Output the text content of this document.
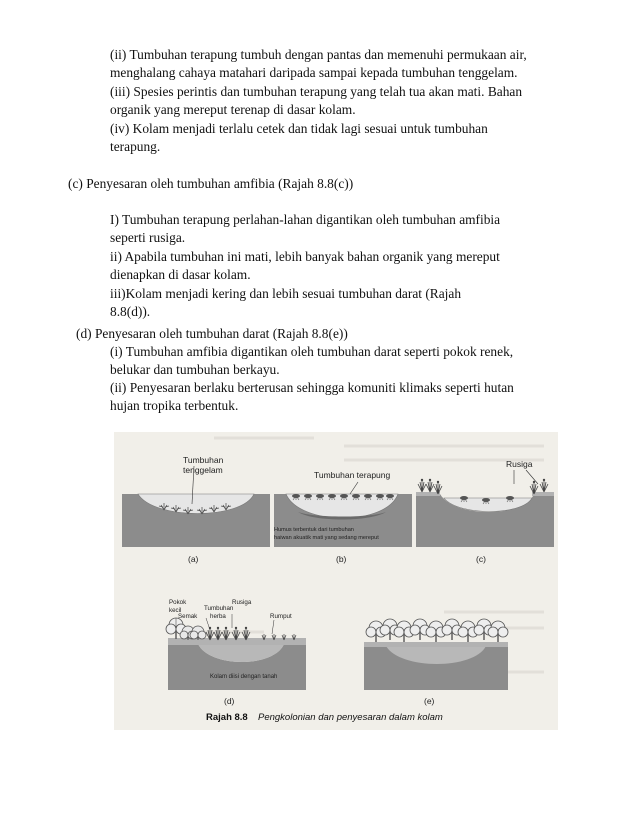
(ii) Tumbuhan terapung tumbuh dengan pantas dan memenuhi permukaan air,
menghalang cahaya matahari daripada sampai kepada tumbuhan tenggelam.
(iii) Spesies perintis dan tumbuhan terapung yang telah tua akan mati. Bahan
organik yang mereput terenap di dasar kolam.
(iv) Kolam menjadi terlalu cetek dan tidak lagi sesuai untuk tumbuhan
terapung.
(c) Penyesaran oleh tumbuhan amfibia (Rajah 8.8(c))
I) Tumbuhan terapung perlahan-lahan digantikan oleh tumbuhan amfibia
seperti rusiga.
ii) Apabila tumbuhan ini mati, lebih banyak bahan organik yang mereput
dienapkan di dasar kolam.
iii)Kolam menjadi kering dan lebih sesuai tumbuhan darat (Rajah
8.8(d)).
(d) Penyesaran oleh tumbuhan darat (Rajah 8.8(e))
(i) Tumbuhan amfibia digantikan oleh tumbuhan darat seperti pokok renek,
belukar dan tumbuhan berkayu.
(ii) Penyesaran berlaku berterusan sehingga komuniti klimaks seperti hutan
hujan tropika terbentuk.
Tumbuhan
tenggelam
(a)
Tumbuhan terapung
Humus terbentuk dari tumbuhan
haiwan akuatik mati yang sedang mereput
(b)
Rusiga
(c)
Pokok
kecil
Semak
Tumbuhan
herba
Rusiga
Rumput
Kolam diisi dengan tanah
(d)	(e)
Rajah 8.8 Pengkolonian dan penyesaran dalam kolam
